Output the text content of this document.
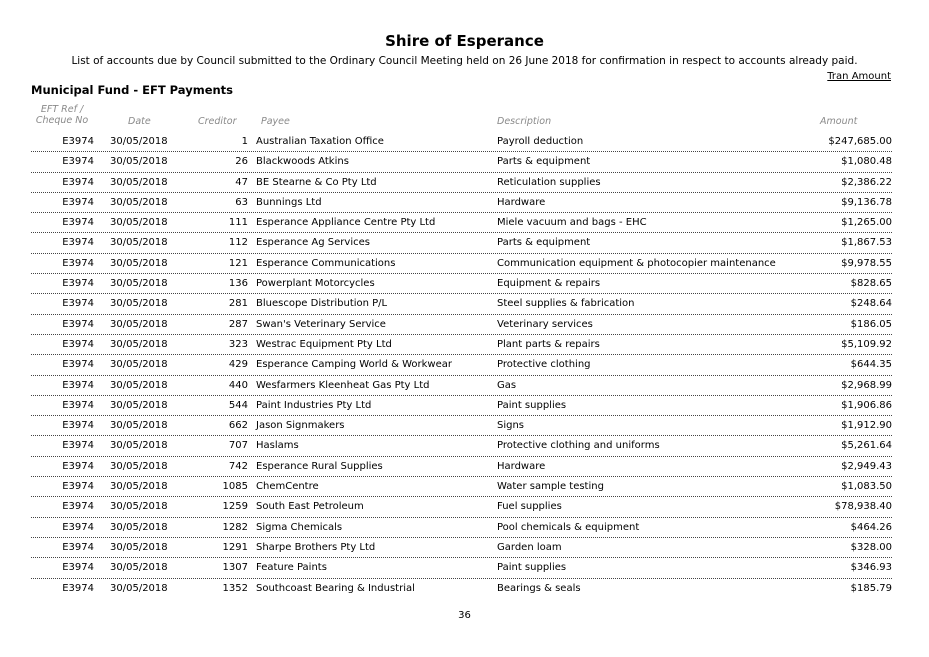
Shire of Esperance
List of accounts due by Council submitted to the Ordinary Council Meeting held on 26 June 2018 for confirmation in respect to accounts already paid.
Tran Amount
Municipal Fund - EFT Payments
EFT Ref /
Cheque No	Date	Creditor	Payee	Description	Amount
E3974 30/05/2018	1 Australian Taxation Office	Payroll deduction	$247,685.00
E3974 30/05/2018	26 Blackwoods Atkins	Parts & equipment	$1,080.48
E3974 30/05/2018	47 BE Stearne & Co Pty Ltd	Reticulation supplies	$2,386.22
E3974 30/05/2018	63 Bunnings Ltd	Hardware	$9,136.78
E3974 30/05/2018	111 Esperance Appliance Centre Pty Ltd	Miele vacuum and bags - EHC	$1,265.00
E3974 30/05/2018	112 Esperance Ag Services	Parts & equipment	$1,867.53
E3974 30/05/2018	121 Esperance Communications	Communication equipment & photocopier maintenance	$9,978.55
E3974 30/05/2018	136 Powerplant Motorcycles	Equipment & repairs	$828.65
E3974 30/05/2018	281 Bluescope Distribution P/L	Steel supplies & fabrication	$248.64
E3974 30/05/2018	287 Swan's Veterinary Service	Veterinary services	$186.05
E3974 30/05/2018	323 Westrac Equipment Pty Ltd	Plant parts & repairs	$5,109.92
E3974 30/05/2018	429 Esperance Camping World & Workwear	Protective clothing	$644.35
E3974 30/05/2018	440 Wesfarmers Kleenheat Gas Pty Ltd	Gas	$2,968.99
E3974 30/05/2018	544 Paint Industries Pty Ltd	Paint supplies	$1,906.86
E3974 30/05/2018	662 Jason Signmakers	Signs	$1,912.90
E3974 30/05/2018	707 Haslams	Protective clothing and uniforms	$5,261.64
E3974 30/05/2018	742 Esperance Rural Supplies	Hardware	$2,949.43
E3974 30/05/2018	1085 ChemCentre	Water sample testing	$1,083.50
E3974 30/05/2018	1259 South East Petroleum	Fuel supplies	$78,938.40
E3974 30/05/2018	1282 Sigma Chemicals	Pool chemicals & equipment	$464.26
E3974 30/05/2018	1291 Sharpe Brothers Pty Ltd	Garden loam	$328.00
E3974 30/05/2018	1307 Feature Paints	Paint supplies	$346.93
E3974 30/05/2018	1352 Southcoast Bearing & Industrial	Bearings & seals	$185.79
36
